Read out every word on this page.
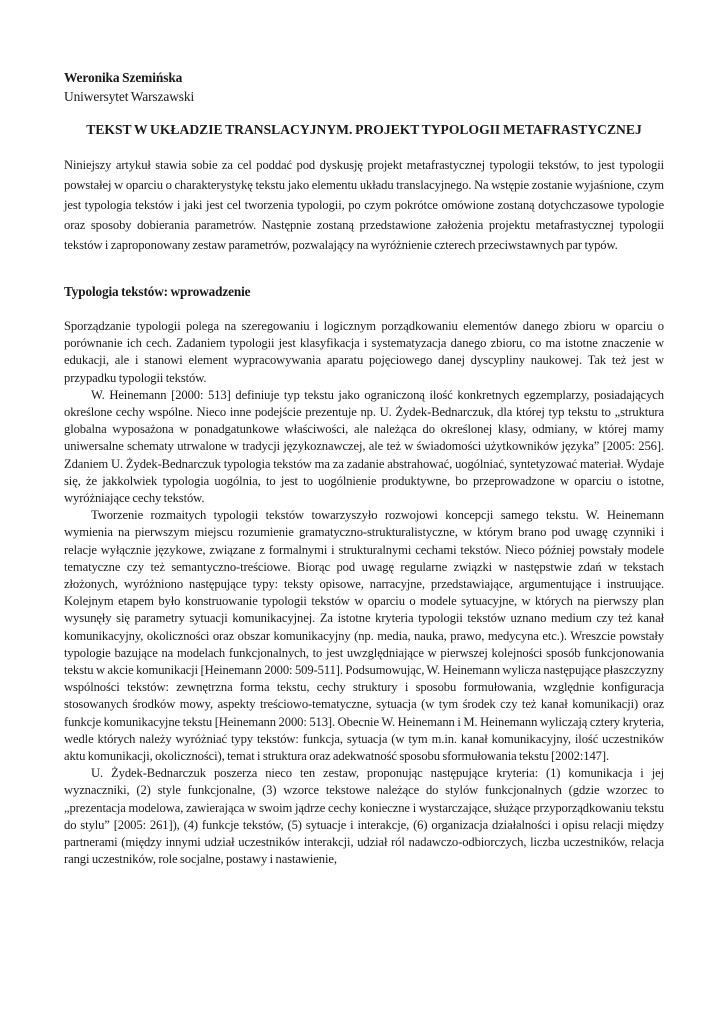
Weronika Szemińska
Uniwersytet Warszawski
TEKST W UKŁADZIE TRANSLACYJNYM. PROJEKT TYPOLOGII METAFRASTYCZNEJ

Niniejszy artykuł stawia sobie za cel poddać pod dyskusję projekt metafrastycznej typologii tekstów, to jest typologii powstałej w oparciu o charakterystykę tekstu jako elementu układu translacyjnego. Na wstępie zostanie wyjaśnione, czym jest typologia tekstów i jaki jest cel tworzenia typologii, po czym pokrótce omówione zostaną dotychczasowe typologie oraz sposoby dobierania parametrów. Następnie zostaną przedstawione założenia projektu metafrastycznej typologii tekstów i zaproponowany zestaw parametrów, pozwalający na wyróżnienie czterech przeciwstawnych par typów.

Typologia tekstów: wprowadzenie

Sporządzanie typologii polega na szeregowaniu i logicznym porządkowaniu elementów danego zbioru w oparciu o porównanie ich cech. Zadaniem typologii jest klasyfikacja i systematyzacja danego zbioru, co ma istotne znaczenie w edukacji, ale i stanowi element wypracowywania aparatu pojęciowego danej dyscypliny naukowej. Tak też jest w przypadku typologii tekstów.

W. Heinemann [2000: 513] definiuje typ tekstu jako ograniczoną ilość konkretnych egzemplarzy, posiadających określone cechy wspólne. Nieco inne podejście prezentuje np. U. Żydek-Bednarczuk, dla której typ tekstu to „struktura globalna wyposażona w ponadgatunkowe właściwości, ale należąca do określonej klasy, odmiany, w której mamy uniwersalne schematy utrwalone w tradycji językoznawczej, ale też w świadomości użytkowników języka” [2005: 256]. Zdaniem U. Żydek-Bednarczuk typologia tekstów ma za zadanie abstrahować, uogólniać, syntetyzować materiał. Wydaje się, że jakkolwiek typologia uogólnia, to jest to uogólnienie produktywne, bo przeprowadzone w oparciu o istotne, wyróżniające cechy tekstów.

Tworzenie rozmaitych typologii tekstów towarzyszyło rozwojowi koncepcji samego tekstu. W. Heinemann wymienia na pierwszym miejscu rozumienie gramatyczno-strukturalistyczne, w którym brano pod uwagę czynniki i relacje wyłącznie językowe, związane z formalnymi i strukturalnymi cechami tekstów. Nieco później powstały modele tematyczne czy też semantyczno-treściowe. Biorąc pod uwagę regularne związki w następstwie zdań w tekstach złożonych, wyróżniono następujące typy: teksty opisowe, narracyjne, przedstawiające, argumentujące i instruujące. Kolejnym etapem było konstruowanie typologii tekstów w oparciu o modele sytuacyjne, w których na pierwszy plan wysunęły się parametry sytuacji komunikacyjnej. Za istotne kryteria typologii tekstów uznano medium czy też kanał komunikacyjny, okoliczności oraz obszar komunikacyjny (np. media, nauka, prawo, medycyna etc.). Wreszcie powstały typologie bazujące na modelach funkcjonalnych, to jest uwzględniające w pierwszej kolejności sposób funkcjonowania tekstu w akcie komunikacji [Heinemann 2000: 509-511]. Podsumowując, W. Heinemann wylicza następujące płaszczyzny wspólności tekstów: zewnętrzna forma tekstu, cechy struktury i sposobu formułowania, względnie konfiguracja stosowanych środków mowy, aspekty treściowo-tematyczne, sytuacja (w tym środek czy też kanał komunikacji) oraz funkcje komunikacyjne tekstu [Heinemann 2000: 513]. Obecnie W. Heinemann i M. Heinemann wyliczają cztery kryteria, wedle których należy wyróżniać typy tekstów: funkcja, sytuacja (w tym m.in. kanał komunikacyjny, ilość uczestników aktu komunikacji, okoliczności), temat i struktura oraz adekwatność sposobu sformułowania tekstu [2002:147].

U. Żydek-Bednarczuk poszerza nieco ten zestaw, proponując następujące kryteria: (1) komunikacja i jej wyznaczniki, (2) style funkcjonalne, (3) wzorce tekstowe należące do stylów funkcjonalnych (gdzie wzorzec to „prezentacja modelowa, zawierająca w swoim jądrze cechy konieczne i wystarczające, służące przyporządkowaniu tekstu do stylu” [2005: 261]), (4) funkcje tekstów, (5) sytuacje i interakcje, (6) organizacja działalności i opisu relacji między partnerami (między innymi udział uczestników interakcji, udział ról nadawczo-odbiorczych, liczba uczestników, relacja rangi uczestników, role socjalne, postawy i nastawienie,
